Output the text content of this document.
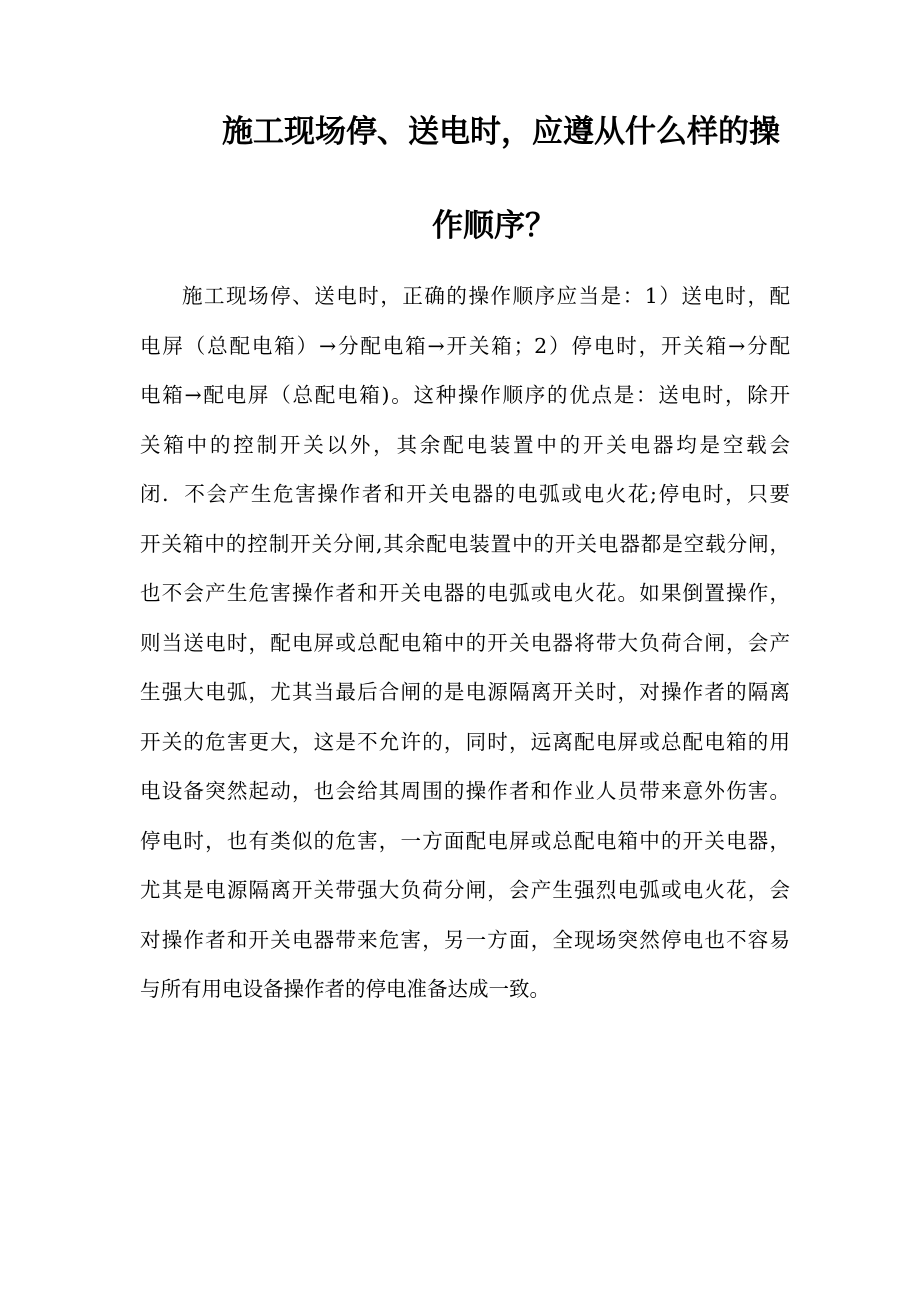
施工现场停、送电时，应遵从什么样的操
作顺序？
施工现场停、送电时，正确的操作顺序应当是：1）送电时，配
电屏（总配电箱）→分配电箱→开关箱；2）停电时，开关箱→分配
电箱→配电屏（总配电箱)。这种操作顺序的优点是：送电时，除开
关箱中的控制开关以外，其余配电装置中的开关电器均是空载会
闭．不会产生危害操作者和开关电器的电弧或电火花;停电时，只要
开关箱中的控制开关分闸,其余配电装置中的开关电器都是空载分闸，
也不会产生危害操作者和开关电器的电弧或电火花。如果倒置操作，
则当送电时，配电屏或总配电箱中的开关电器将带大负荷合闸，会产
生强大电弧，尤其当最后合闸的是电源隔离开关时，对操作者的隔离
开关的危害更大，这是不允许的，同时，远离配电屏或总配电箱的用
电设备突然起动，也会给其周围的操作者和作业人员带来意外伤害。
停电时，也有类似的危害，一方面配电屏或总配电箱中的开关电器，
尤其是电源隔离开关带强大负荷分闸，会产生强烈电弧或电火花，会
对操作者和开关电器带来危害，另一方面，全现场突然停电也不容易
与所有用电设备操作者的停电准备达成一致。
